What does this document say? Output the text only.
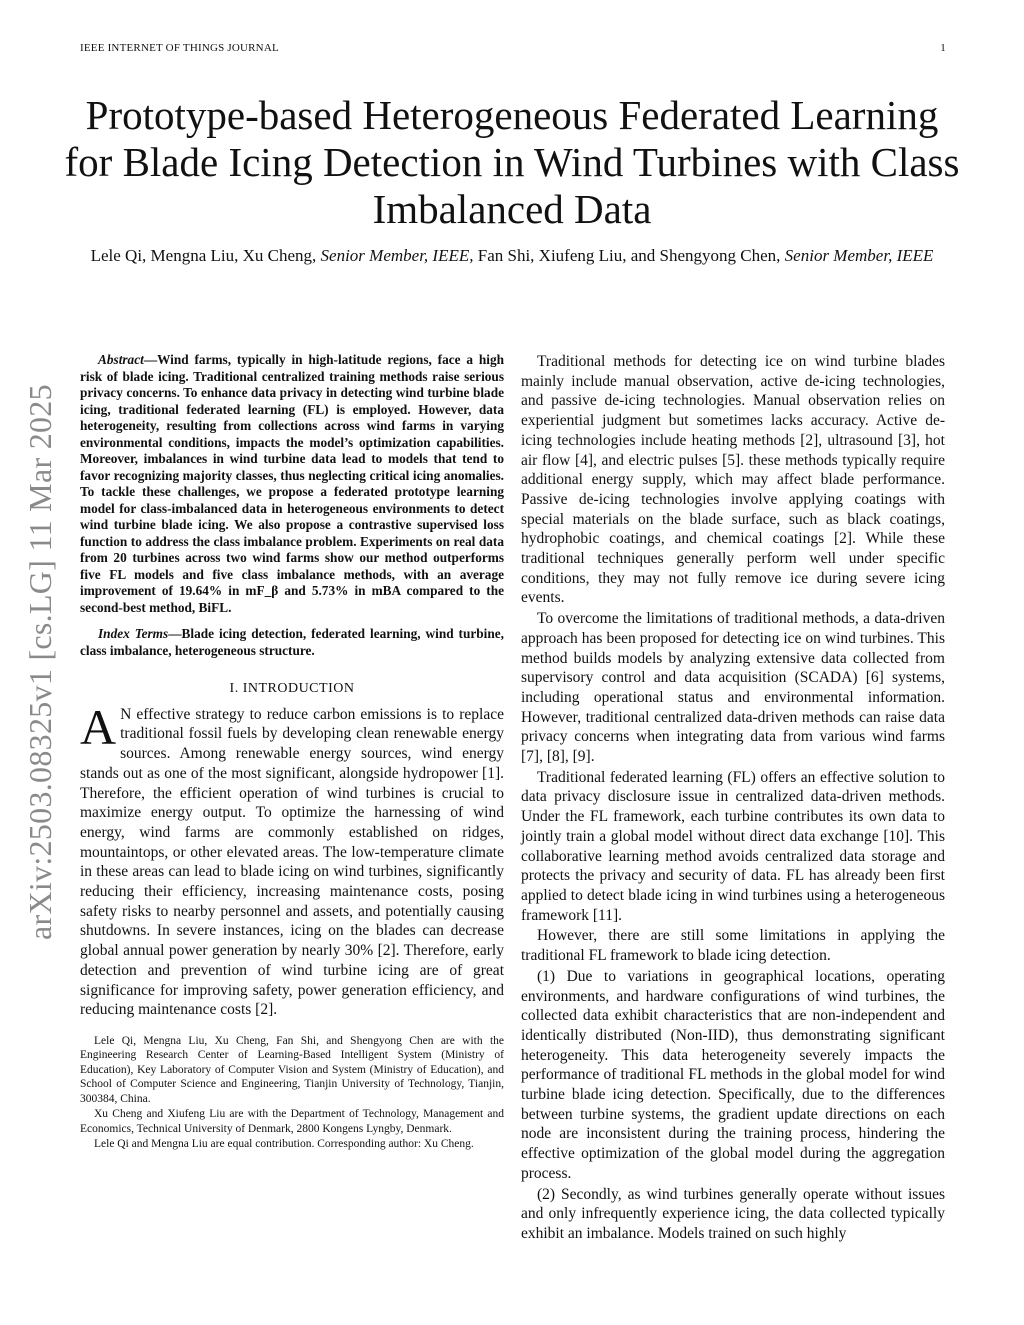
IEEE INTERNET OF THINGS JOURNAL	1
arXiv:2503.08325v1 [cs.LG] 11 Mar 2025
Prototype-based Heterogeneous Federated Learning for Blade Icing Detection in Wind Turbines with Class Imbalanced Data
Lele Qi, Mengna Liu, Xu Cheng, Senior Member, IEEE, Fan Shi, Xiufeng Liu, and Shengyong Chen, Senior Member, IEEE

Abstract—Wind farms, typically in high-latitude regions, face a high risk of blade icing. Traditional centralized training methods raise serious privacy concerns. To enhance data privacy in detecting wind turbine blade icing, traditional federated learning (FL) is employed. However, data heterogeneity, resulting from collections across wind farms in varying environmental conditions, impacts the model’s optimization capabilities. Moreover, imbalances in wind turbine data lead to models that tend to favor recognizing majority classes, thus neglecting critical icing anomalies. To tackle these challenges, we propose a federated prototype learning model for class-imbalanced data in heterogeneous environments to detect wind turbine blade icing. We also propose a contrastive supervised loss function to address the class imbalance problem. Experiments on real data from 20 turbines across two wind farms show our method outperforms five FL models and five class imbalance methods, with an average improvement of 19.64% in mF_β and 5.73% in mBA compared to the second-best method, BiFL.

Index Terms—Blade icing detection, federated learning, wind turbine, class imbalance, heterogeneous structure.

I. INTRODUCTION

A N effective strategy to reduce carbon emissions is to replace traditional fossil fuels by developing clean renewable energy sources. Among renewable energy sources, wind energy stands out as one of the most significant, alongside hydropower [1]. Therefore, the efficient operation of wind turbines is crucial to maximize energy output. To optimize the harnessing of wind energy, wind farms are commonly established on ridges, mountaintops, or other elevated areas. The low-temperature climate in these areas can lead to blade icing on wind turbines, significantly reducing their efficiency, increasing maintenance costs, posing safety risks to nearby personnel and assets, and potentially causing shutdowns. In severe instances, icing on the blades can decrease global annual power generation by nearly 30% [2]. Therefore, early detection and prevention of wind turbine icing are of great significance for improving safety, power generation efficiency, and reducing maintenance costs [2].

Lele Qi, Mengna Liu, Xu Cheng, Fan Shi, and Shengyong Chen are with the Engineering Research Center of Learning-Based Intelligent System (Ministry of Education), Key Laboratory of Computer Vision and System (Ministry of Education), and School of Computer Science and Engineering, Tianjin University of Technology, Tianjin, 300384, China.

Xu Cheng and Xiufeng Liu are with the Department of Technology, Management and Economics, Technical University of Denmark, 2800 Kongens Lyngby, Denmark.

Lele Qi and Mengna Liu are equal contribution. Corresponding author: Xu Cheng.

Traditional methods for detecting ice on wind turbine blades mainly include manual observation, active de-icing technologies, and passive de-icing technologies. Manual observation relies on experiential judgment but sometimes lacks accuracy. Active de-icing technologies include heating methods [2], ultrasound [3], hot air flow [4], and electric pulses [5]. these methods typically require additional energy supply, which may affect blade performance. Passive de-icing technologies involve applying coatings with special materials on the blade surface, such as black coatings, hydrophobic coatings, and chemical coatings [2]. While these traditional techniques generally perform well under specific conditions, they may not fully remove ice during severe icing events.

To overcome the limitations of traditional methods, a data-driven approach has been proposed for detecting ice on wind turbines. This method builds models by analyzing extensive data collected from supervisory control and data acquisition (SCADA) [6] systems, including operational status and environmental information. However, traditional centralized data-driven methods can raise data privacy concerns when integrating data from various wind farms [7], [8], [9].

Traditional federated learning (FL) offers an effective solution to data privacy disclosure issue in centralized data-driven methods. Under the FL framework, each turbine contributes its own data to jointly train a global model without direct data exchange [10]. This collaborative learning method avoids centralized data storage and protects the privacy and security of data. FL has already been first applied to detect blade icing in wind turbines using a heterogeneous framework [11].

However, there are still some limitations in applying the traditional FL framework to blade icing detection.

(1) Due to variations in geographical locations, operating environments, and hardware configurations of wind turbines, the collected data exhibit characteristics that are non-independent and identically distributed (Non-IID), thus demonstrating significant heterogeneity. This data heterogeneity severely impacts the performance of traditional FL methods in the global model for wind turbine blade icing detection. Specifically, due to the differences between turbine systems, the gradient update directions on each node are inconsistent during the training process, hindering the effective optimization of the global model during the aggregation process.

(2) Secondly, as wind turbines generally operate without issues and only infrequently experience icing, the data collected typically exhibit an imbalance. Models trained on such highly
